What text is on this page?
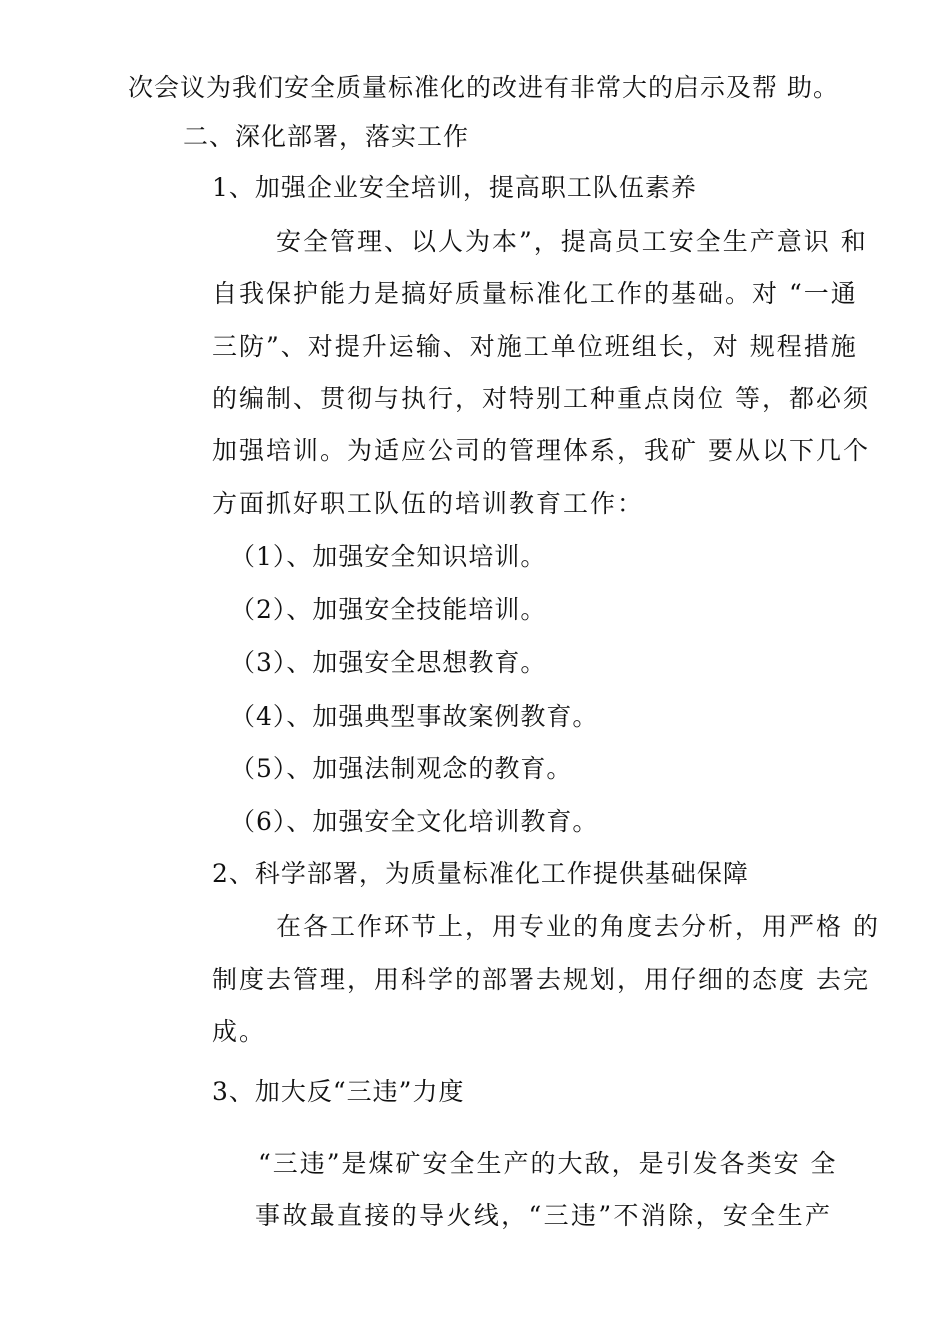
次会议为我们安全质量标准化的改进有非常大的启示及帮 助。
二、深化部署，落实工作
1、加强企业安全培训，提高职工队伍素养
安全管理、以人为本”，提高员工安全生产意识 和
自我保护能力是搞好质量标准化工作的基础。对 “一通
三防”、对提升运输、对施工单位班组长，对 规程措施
的编制、贯彻与执行，对特别工种重点岗位 等，都必须
加强培训。为适应公司的管理体系，我矿 要从以下几个
方面抓好职工队伍的培训教育工作：
（1）、加强安全知识培训。
（2）、加强安全技能培训。
（3）、加强安全思想教育。
（4）、加强典型事故案例教育。
（5）、加强法制观念的教育。
（6）、加强安全文化培训教育。
2、科学部署，为质量标准化工作提供基础保障
在各工作环节上，用专业的角度去分析，用严格 的
制度去管理，用科学的部署去规划，用仔细的态度 去完
成。
3、加大反“三违”力度
“三违”是煤矿安全生产的大敌，是引发各类安 全
事故最直接的导火线，“三违”不消除，安全生产
